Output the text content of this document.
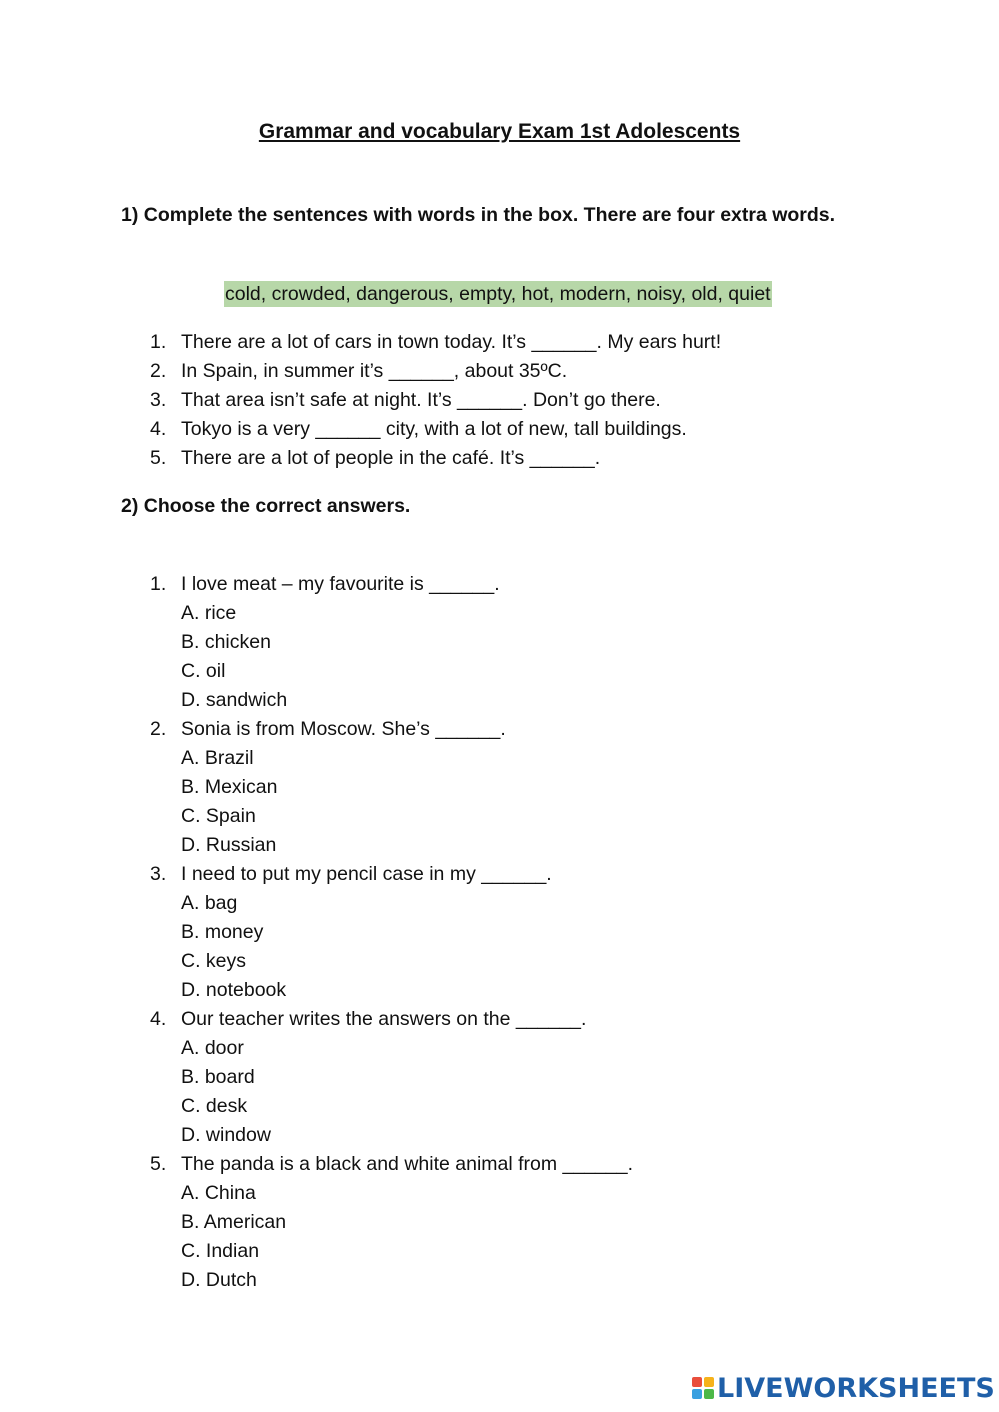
Grammar and vocabulary Exam 1st Adolescents

1) Complete the sentences with words in the box. There are four extra words.

cold, crowded, dangerous, empty, hot, modern, noisy, old, quiet
1. There are a lot of cars in town today. It’s ______. My ears hurt!
2. In Spain, in summer it’s ______, about 35ºC.
3. That area isn’t safe at night. It’s ______. Don’t go there.
4. Tokyo is a very ______ city, with a lot of new, tall buildings.
5. There are a lot of people in the café. It’s ______.

2) Choose the correct answers.

1. I love meat – my favourite is ______.
A. rice
B. chicken
C. oil
D. sandwich
2. Sonia is from Moscow. She’s ______.
A. Brazil
B. Mexican
C. Spain
D. Russian
3. I need to put my pencil case in my ______.
A. bag
B. money
C. keys
D. notebook
4. Our teacher writes the answers on the ______.
A. door
B. board
C. desk
D. window
5. The panda is a black and white animal from ______.
A. China
B. American
C. Indian
D. Dutch
LIVEWORKSHEETS
